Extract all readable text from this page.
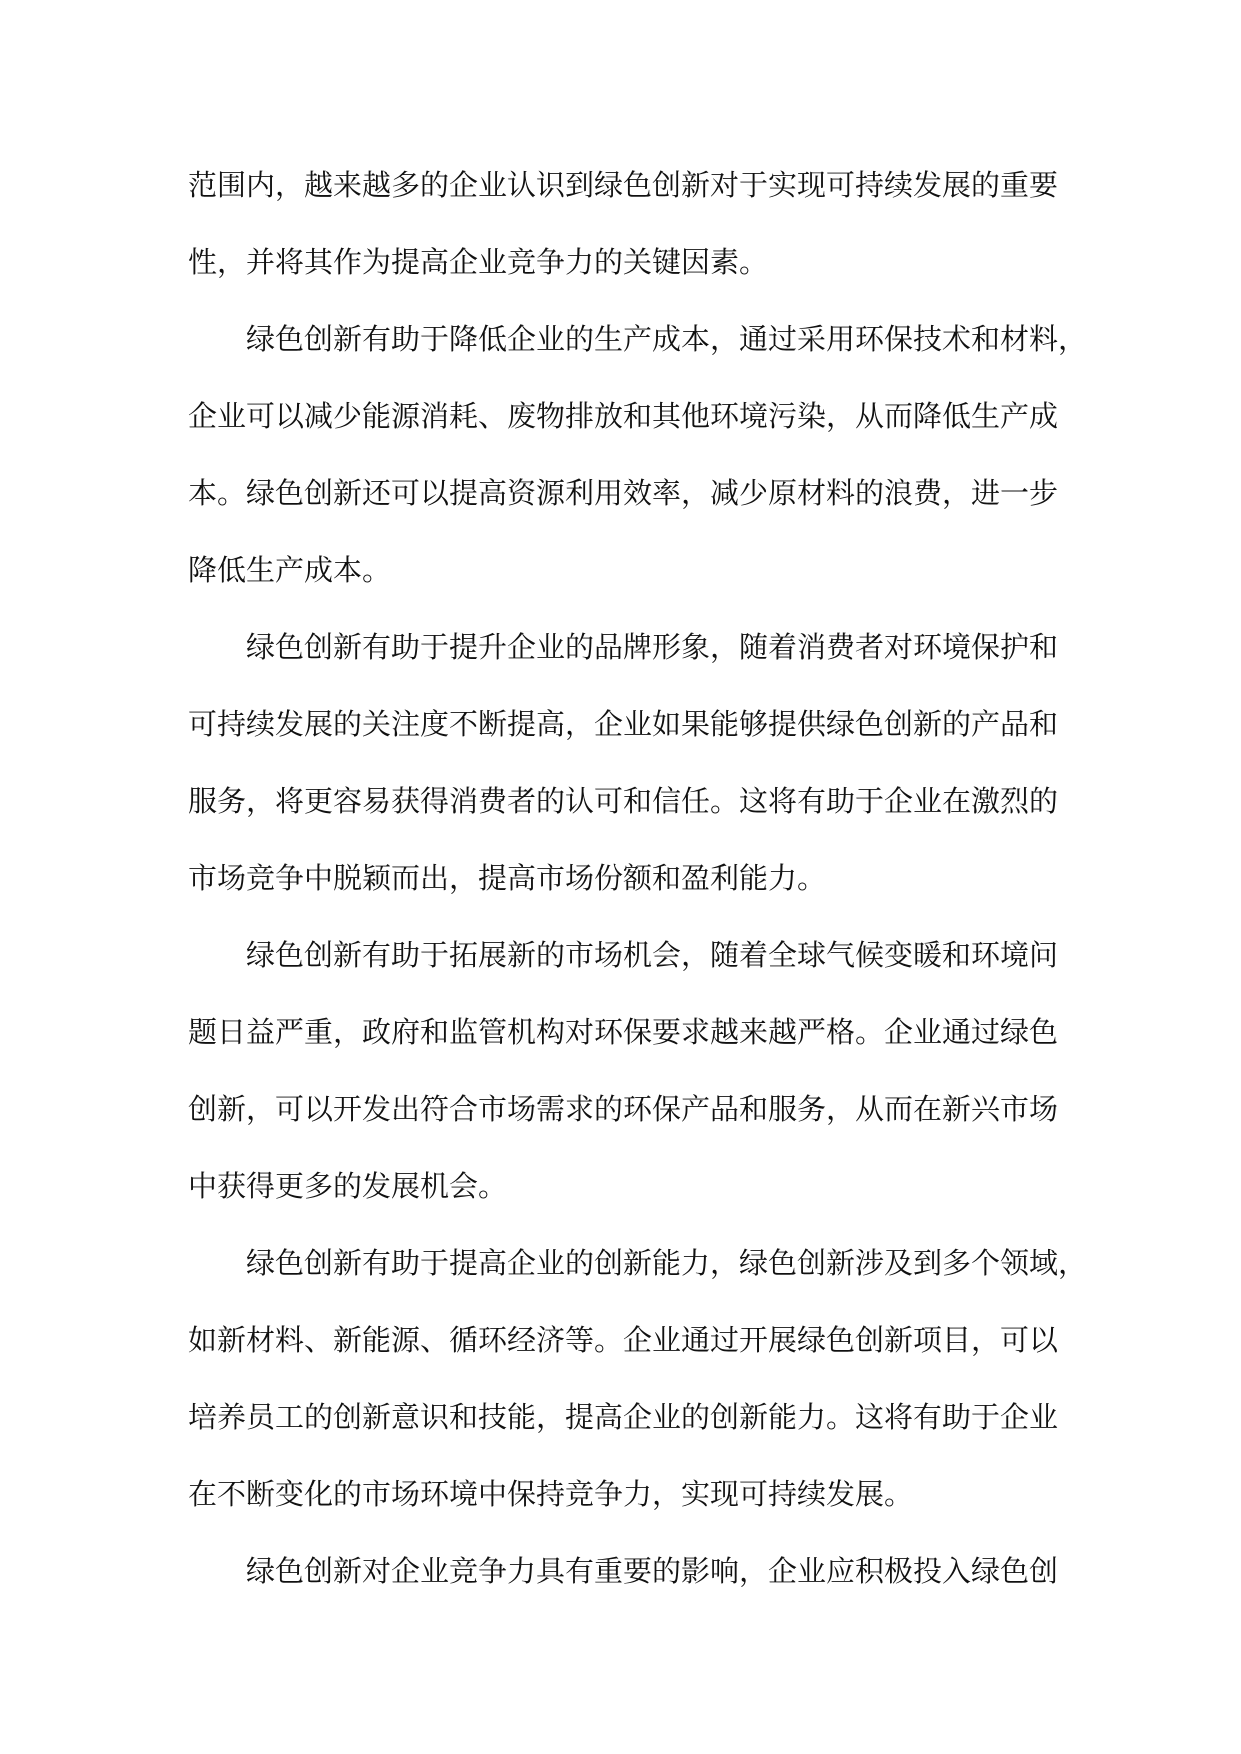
范围内，越来越多的企业认识到绿色创新对于实现可持续发展的重要
性，并将其作为提高企业竞争力的关键因素。
绿色创新有助于降低企业的生产成本，通过采用环保技术和材料，
企业可以减少能源消耗、废物排放和其他环境污染，从而降低生产成
本。绿色创新还可以提高资源利用效率，减少原材料的浪费，进一步
降低生产成本。
绿色创新有助于提升企业的品牌形象，随着消费者对环境保护和
可持续发展的关注度不断提高，企业如果能够提供绿色创新的产品和
服务，将更容易获得消费者的认可和信任。这将有助于企业在激烈的
市场竞争中脱颖而出，提高市场份额和盈利能力。
绿色创新有助于拓展新的市场机会，随着全球气候变暖和环境问
题日益严重，政府和监管机构对环保要求越来越严格。企业通过绿色
创新，可以开发出符合市场需求的环保产品和服务，从而在新兴市场
中获得更多的发展机会。
绿色创新有助于提高企业的创新能力，绿色创新涉及到多个领域，
如新材料、新能源、循环经济等。企业通过开展绿色创新项目，可以
培养员工的创新意识和技能，提高企业的创新能力。这将有助于企业
在不断变化的市场环境中保持竞争力，实现可持续发展。
绿色创新对企业竞争力具有重要的影响，企业应积极投入绿色创
